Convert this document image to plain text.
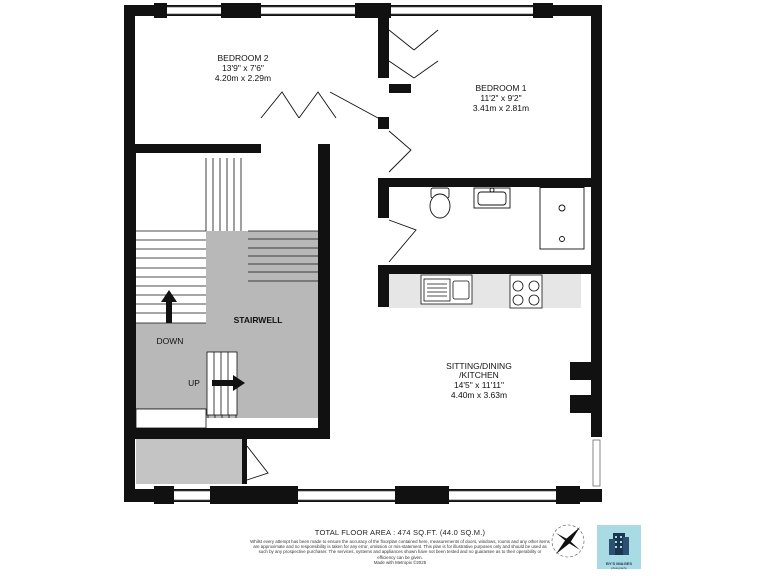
BEDROOM 2
13'9" x 7'6"
4.20m x 2.29m
BEDROOM 1
11'2" x 9'2"
3.41m x 2.81m
STAIRWELL
DOWN
UP
SITTING/DINING
/KITCHEN
14'5" x 11'11"
4.40m x 3.63m
TOTAL FLOOR AREA : 474 SQ.FT. (44.0 SQ.M.)
Whilst every attempt has been made to ensure the accuracy of the floorplan contained here, measurements of doors, windows, rooms and any other items are approximate and no responsibility is taken for any error, omission or mis-statement. This plan is for illustrative purposes only and should be used as such by any prospective purchaser. The services, systems and appliances shown have not been tested and no guarantee as to their operability or efficiency can be given.
Made with Metropix ©2025	BY'S IMAGES
photography
